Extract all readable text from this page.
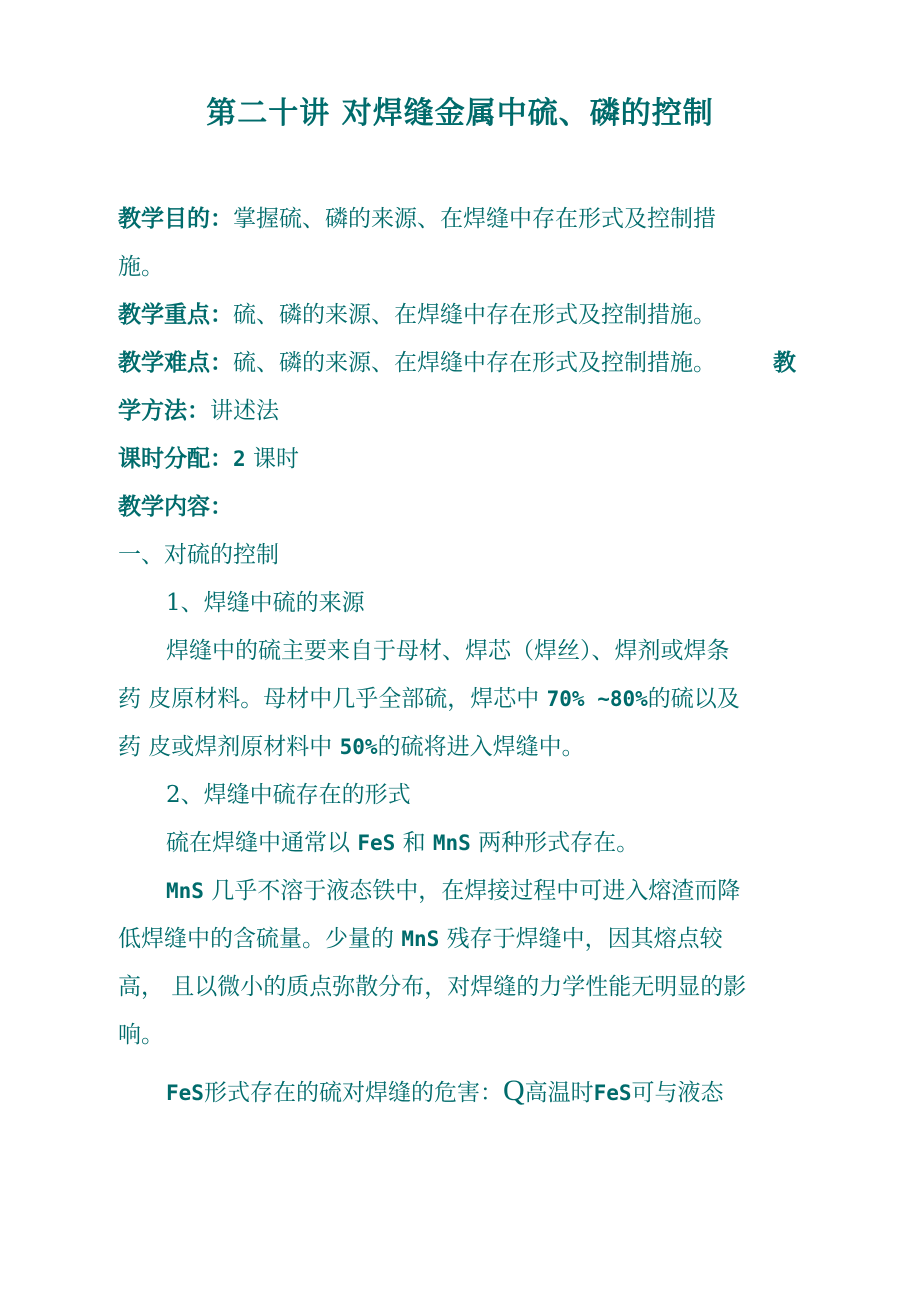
第二十讲 对焊缝金属中硫、磷的控制
教学目的：掌握硫、磷的来源、在焊缝中存在形式及控制措
施。
教学重点：硫、磷的来源、在焊缝中存在形式及控制措施。
教学难点：硫、磷的来源、在焊缝中存在形式及控制措施。 教
学方法：讲述法
课时分配：2 课时
教学内容：
一、对硫的控制
1、焊缝中硫的来源
焊缝中的硫主要来自于母材、焊芯（焊丝）、焊剂或焊条
药 皮原材料。母材中几乎全部硫，焊芯中 70% ~80%的硫以及
药 皮或焊剂原材料中 50%的硫将进入焊缝中。
2、焊缝中硫存在的形式
硫在焊缝中通常以 FeS 和 MnS 两种形式存在。
MnS 几乎不溶于液态铁中，在焊接过程中可进入熔渣而降
低焊缝中的含硫量。少量的 MnS 残存于焊缝中，因其熔点较
高， 且以微小的质点弥散分布，对焊缝的力学性能无明显的影
响。
FeS形式存在的硫对焊缝的危害：Q高温时FeS可与液态
